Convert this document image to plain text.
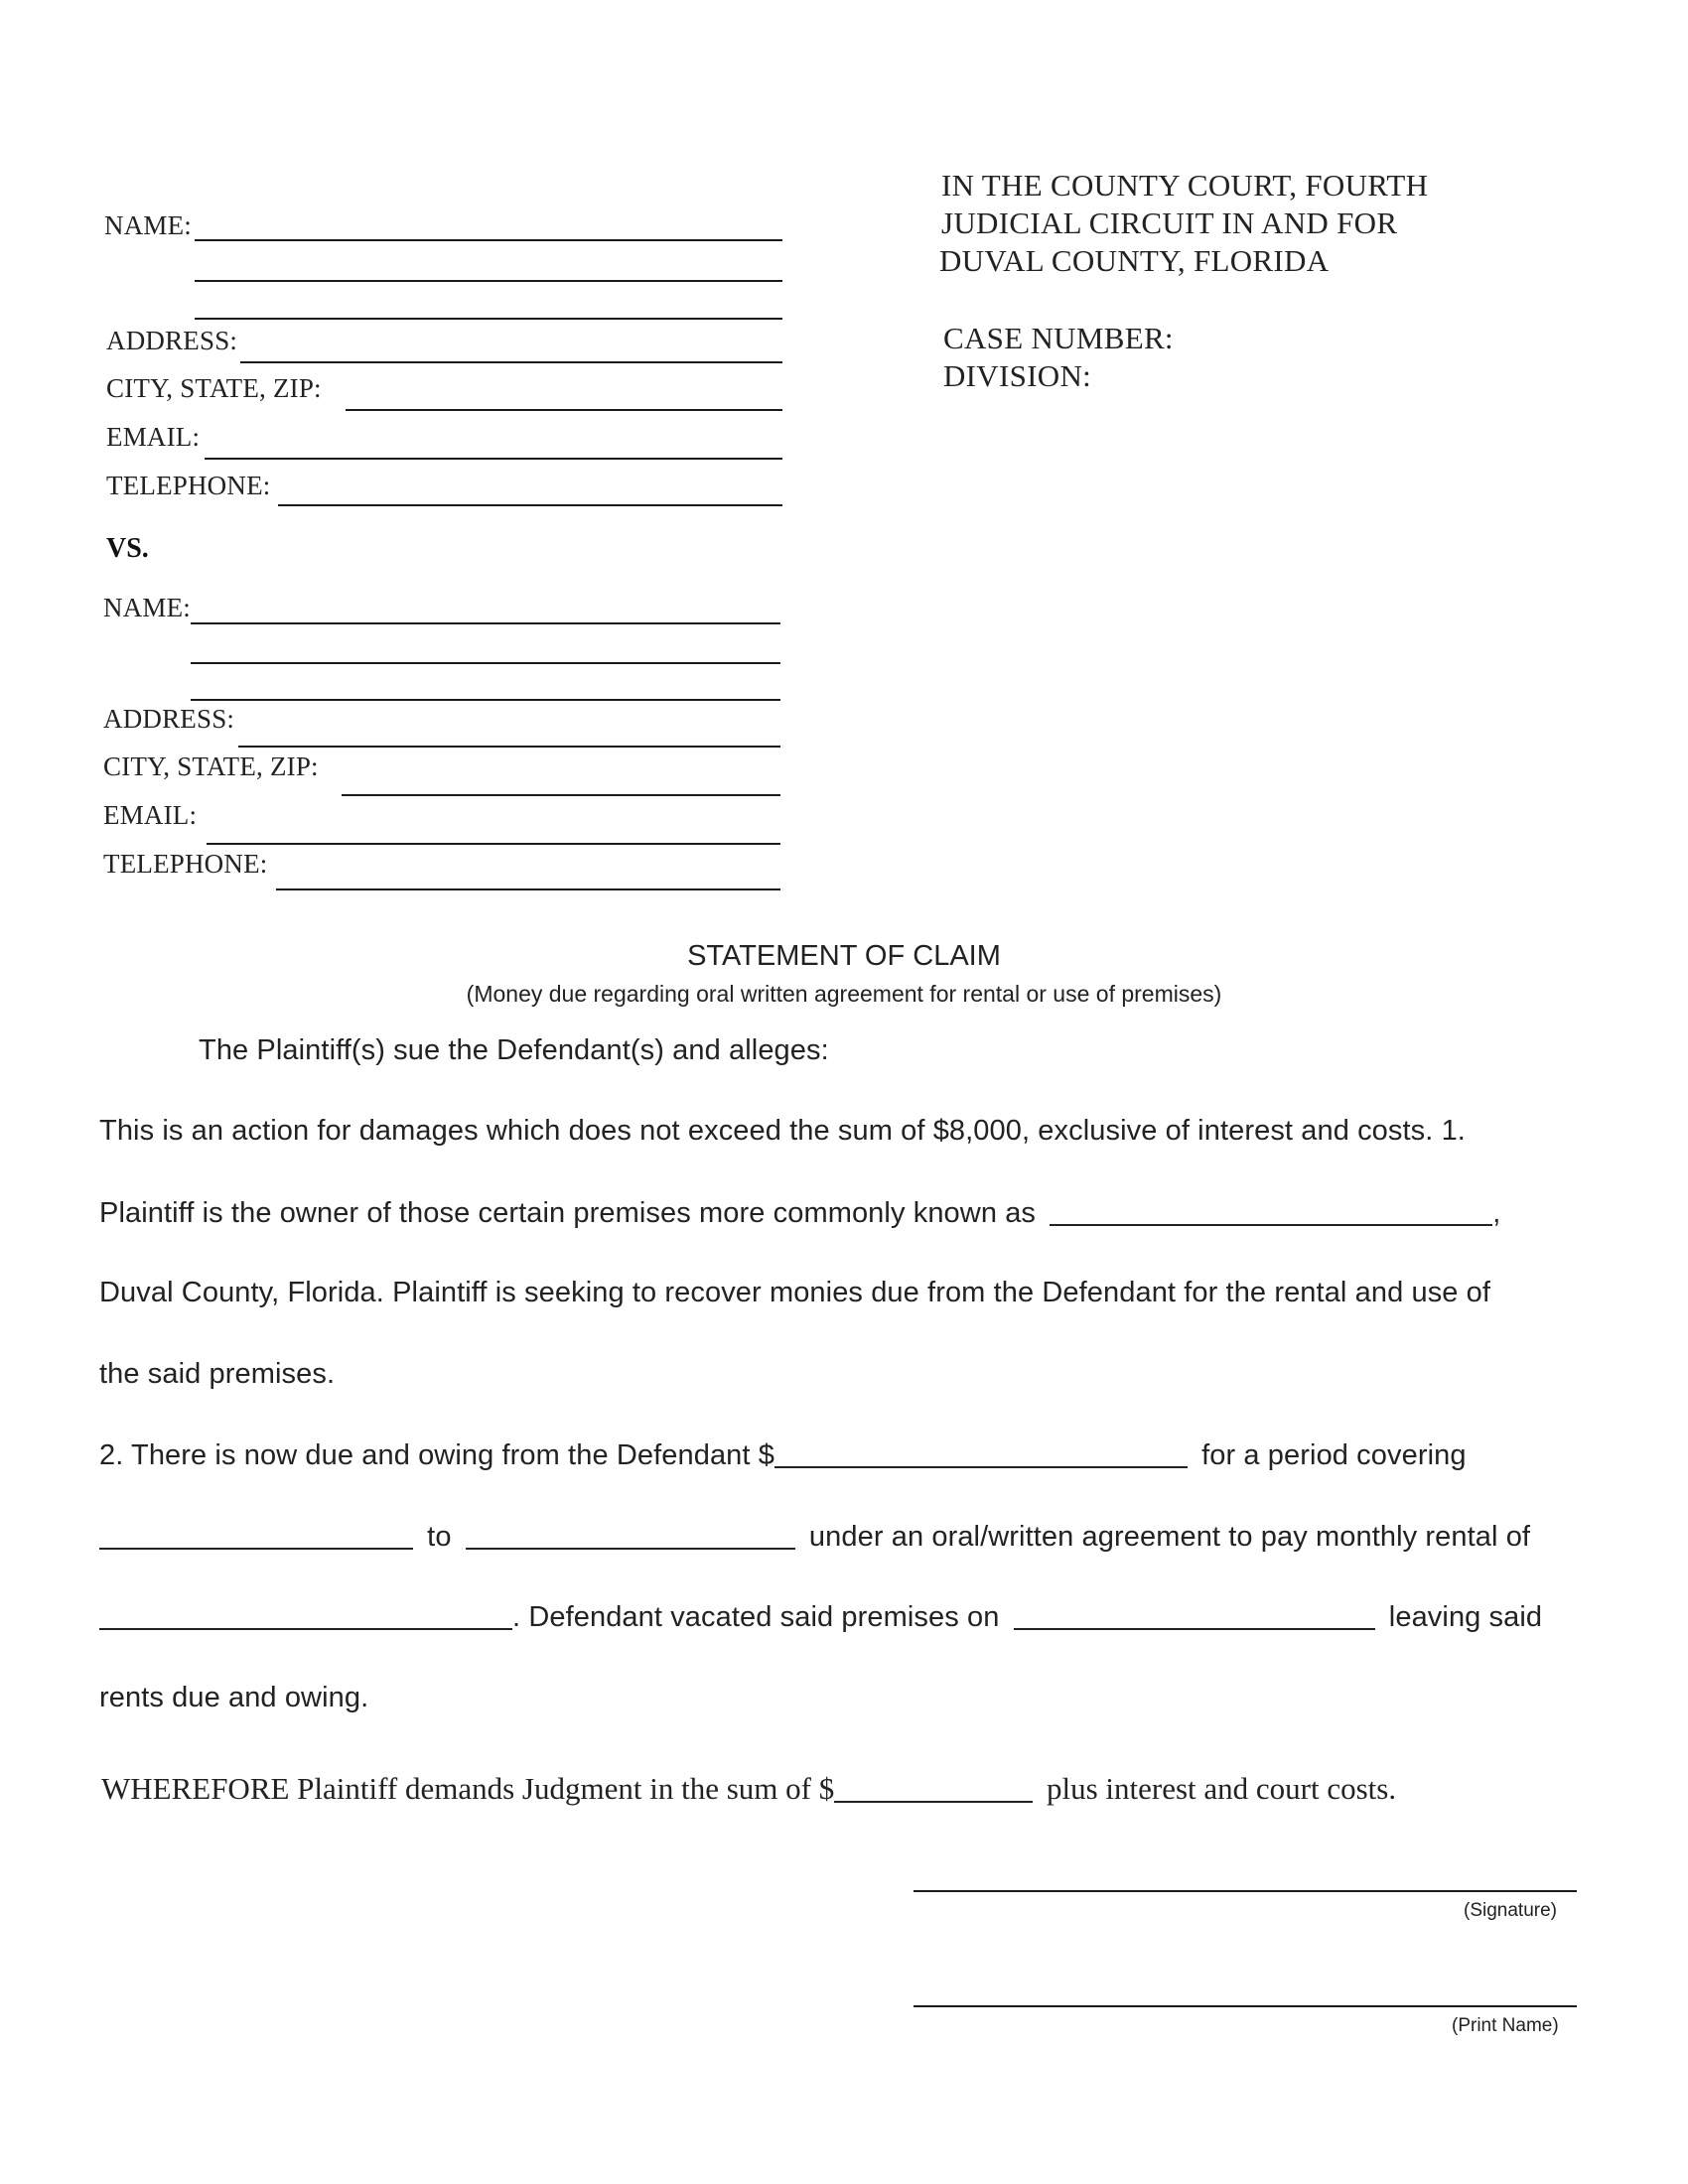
IN THE COUNTY COURT, FOURTH
JUDICIAL CIRCUIT IN AND FOR
DUVAL COUNTY, FLORIDA
CASE NUMBER:
DIVISION:
NAME:
ADDRESS:
CITY, STATE, ZIP:
EMAIL:
TELEPHONE:
VS.
NAME:
ADDRESS:
CITY, STATE, ZIP:
EMAIL:
TELEPHONE:
STATEMENT OF CLAIM
(Money due regarding oral written agreement for rental or use of premises)
The Plaintiff(s) sue the Defendant(s) and alleges:
This is an action for damages which does not exceed the sum of $8,000, exclusive of interest and costs. 1.
Plaintiff is the owner of those certain premises more commonly known as	,
Duval County, Florida. Plaintiff is seeking to recover monies due from the Defendant for the rental and use of
the said premises.
2. There is now due and owing from the Defendant $	for a period covering
to	under an oral/written agreement to pay monthly rental of
. Defendant vacated said premises on	leaving said
rents due and owing.
WHEREFORE Plaintiff demands Judgment in the sum of $	plus interest and court costs.
(Signature)
(Print Name)
